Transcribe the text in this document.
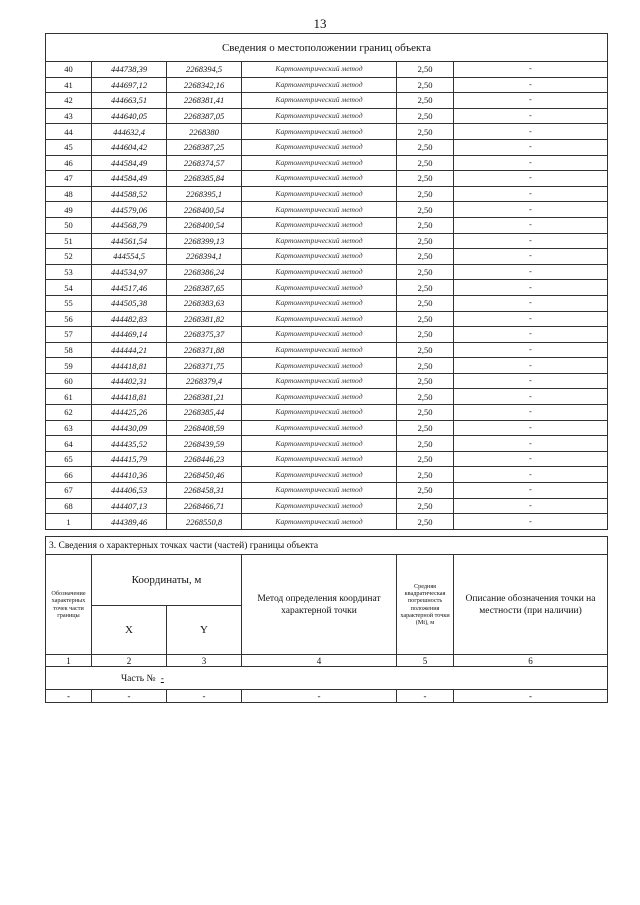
13
Сведения о местоположении границ объекта					
40	444738,39	2268394,5	Картометрический метод	2,50	-
41	444697,12	2268342,16	Картометрический метод	2,50	-
42	444663,51	2268381,41	Картометрический метод	2,50	-
43	444640,05	2268387,05	Картометрический метод	2,50	-
44	444632,4	2268380	Картометрический метод	2,50	-
45	444604,42	2268387,25	Картометрический метод	2,50	-
46	444584,49	2268374,57	Картометрический метод	2,50	-
47	444584,49	2268385,84	Картометрический метод	2,50	-
48	444588,52	2268395,1	Картометрический метод	2,50	-
49	444579,06	2268400,54	Картометрический метод	2,50	-
50	444568,79	2268400,54	Картометрический метод	2,50	-
51	444561,54	2268399,13	Картометрический метод	2,50	-
52	444554,5	2268394,1	Картометрический метод	2,50	-
53	444534,97	2268386,24	Картометрический метод	2,50	-
54	444517,46	2268387,65	Картометрический метод	2,50	-
55	444505,38	2268383,63	Картометрический метод	2,50	-
56	444482,83	2268381,82	Картометрический метод	2,50	-
57	444469,14	2268375,37	Картометрический метод	2,50	-
58	444444,21	2268371,88	Картометрический метод	2,50	-
59	444418,81	2268371,75	Картометрический метод	2,50	-
60	444402,31	2268379,4	Картометрический метод	2,50	-
61	444418,81	2268381,21	Картометрический метод	2,50	-
62	444425,26	2268385,44	Картометрический метод	2,50	-
63	444430,09	2268408,59	Картометрический метод	2,50	-
64	444435,52	2268439,59	Картометрический метод	2,50	-
65	444415,79	2268446,23	Картометрический метод	2,50	-
66	444410,36	2268450,46	Картометрический метод	2,50	-
67	444406,53	2268458,31	Картометрический метод	2,50	-
68	444407,13	2268466,71	Картометрический метод	2,50	-
1	444389,46	2268550,8	Картометрический метод	2,50	-
3. Сведения о характерных точках части (частей) границы объекта					
Обозначение характерных точек части границы	Координаты, м		Метод определения координат характерной точки	Средняя квадратическая погрешность положения характерной точки (Mt), м	Описание обозначения точки на местности (при наличии)
	X	Y			
1	2	3	4	5	6
Часть № -					
-	-	-	-	-	-
